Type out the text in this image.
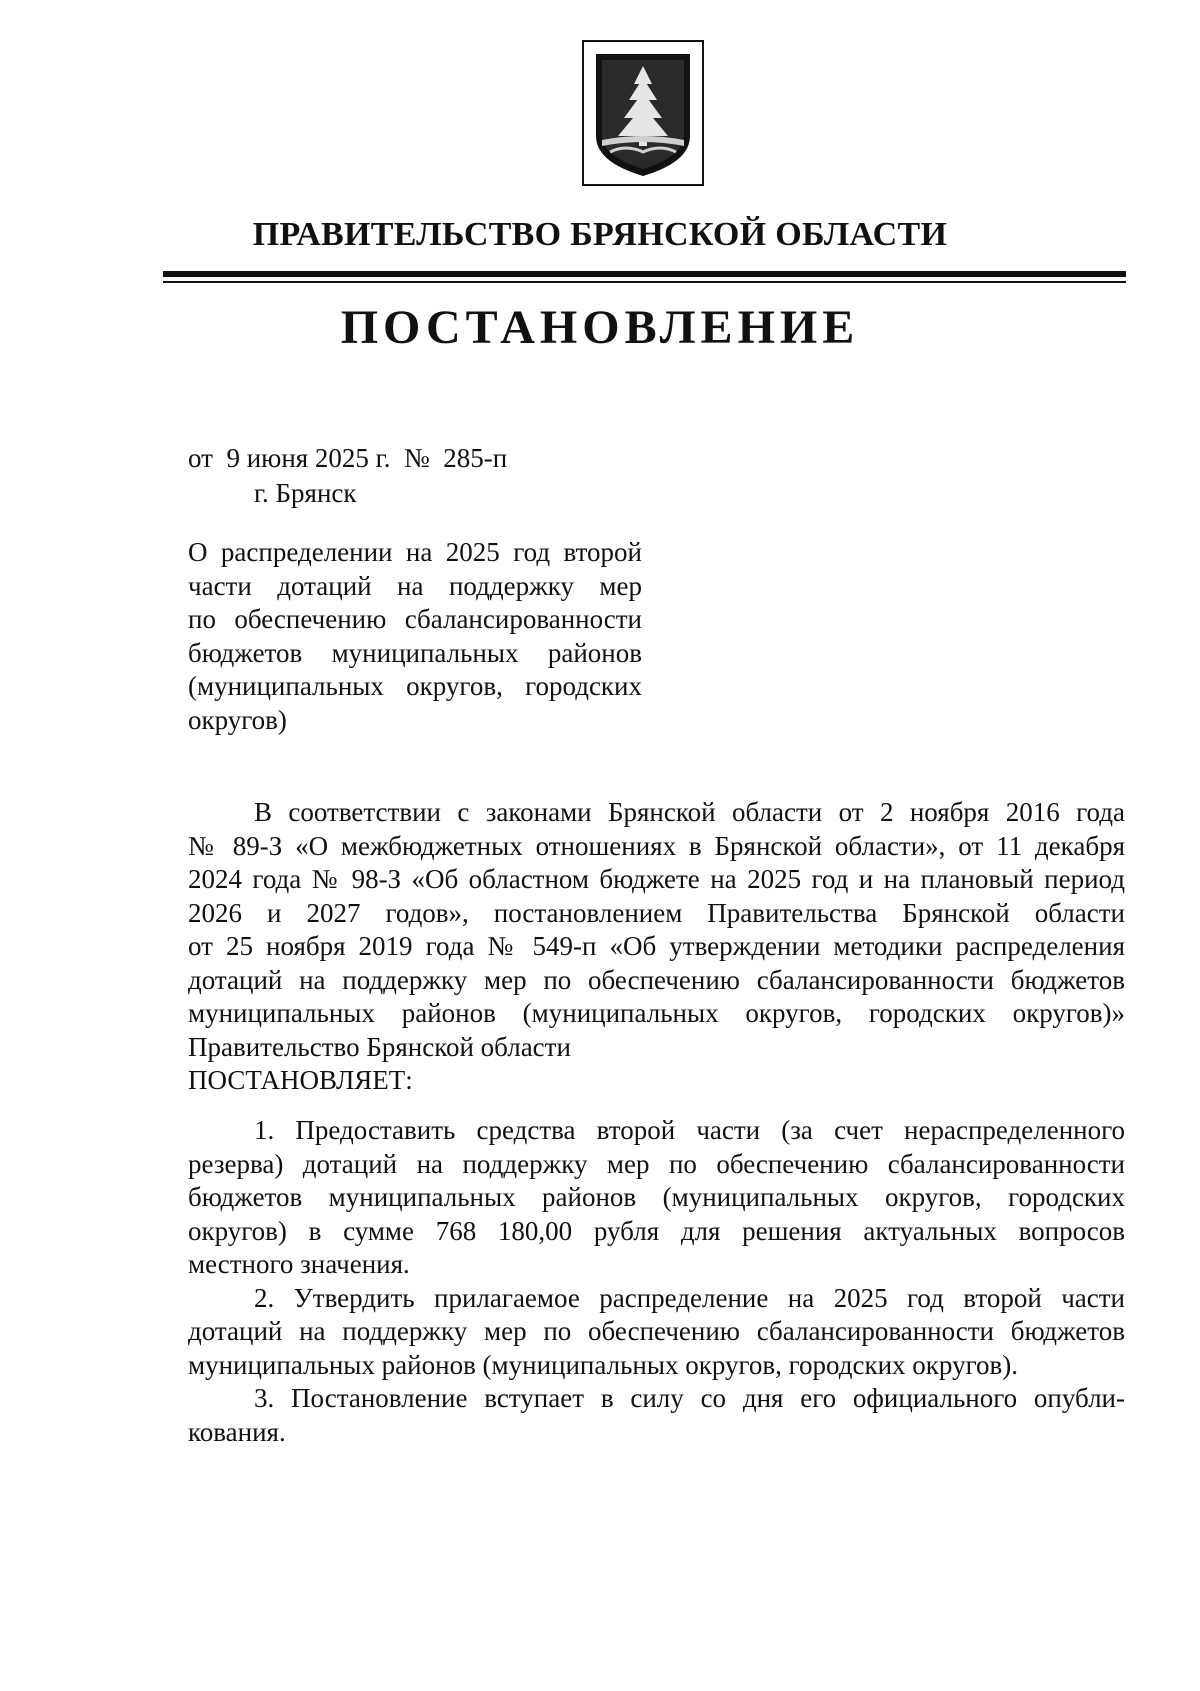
ПРАВИТЕЛЬСТВО БРЯНСКОЙ ОБЛАСТИ
ПОСТАНОВЛЕНИЕ
от  9 июня 2025 г.  №  285-п
г. Брянск
О распределении на 2025 год второй
части дотаций на поддержку мер
по обеспечению сбалансированности
бюджетов муниципальных районов
(муниципальных округов, городских
округов)
В соответствии с законами Брянской области от 2 ноября 2016 года
№ 89-З «О межбюджетных отношениях в Брянской области», от 11 декабря
2024 года № 98-З «Об областном бюджете на 2025 год и на плановый период
2026 и 2027 годов», постановлением Правительства Брянской области
от 25 ноября 2019 года № 549-п «Об утверждении методики распределения
дотаций на поддержку мер по обеспечению сбалансированности бюджетов
муниципальных районов (муниципальных округов, городских округов)»
Правительство Брянской области
ПОСТАНОВЛЯЕТ:
1. Предоставить средства второй части (за счет нераспределенного
резерва) дотаций на поддержку мер по обеспечению сбалансированности
бюджетов муниципальных районов (муниципальных округов, городских
округов) в сумме 768 180,00 рубля для решения актуальных вопросов
местного значения.
2. Утвердить прилагаемое распределение на 2025 год второй части
дотаций на поддержку мер по обеспечению сбалансированности бюджетов
муниципальных районов (муниципальных округов, городских округов).
3. Постановление вступает в силу со дня его официального опубли-
кования.
